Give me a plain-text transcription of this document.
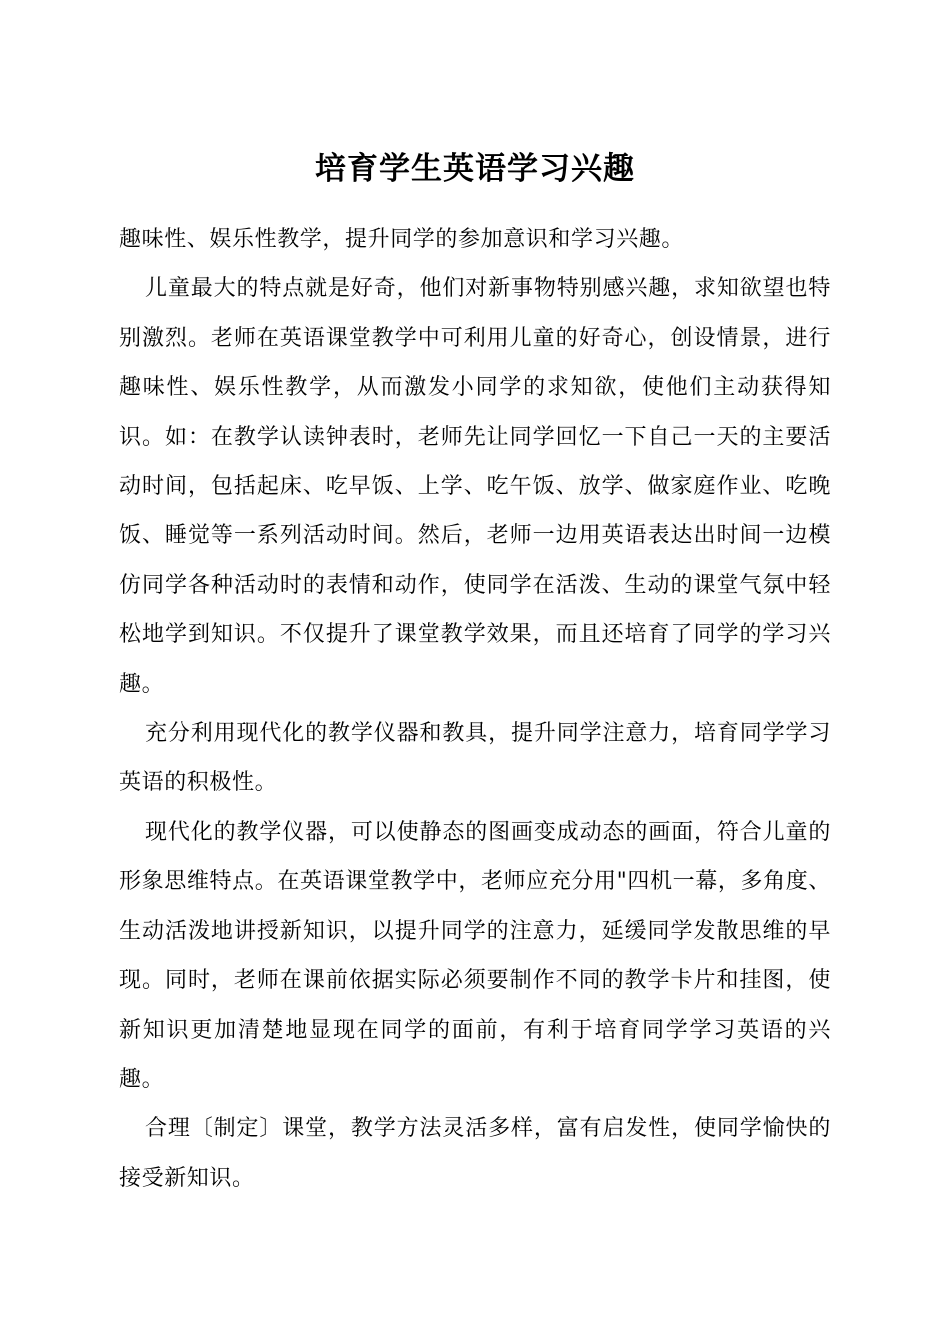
培育学生英语学习兴趣

趣味性、娱乐性教学，提升同学的参加意识和学习兴趣。

儿童最大的特点就是好奇，他们对新事物特别感兴趣，求知欲望也特别激烈。老师在英语课堂教学中可利用儿童的好奇心，创设情景，进行趣味性、娱乐性教学，从而激发小同学的求知欲，使他们主动获得知识。如：在教学认读钟表时，老师先让同学回忆一下自己一天的主要活动时间，包括起床、吃早饭、上学、吃午饭、放学、做家庭作业、吃晚饭、睡觉等一系列活动时间。然后，老师一边用英语表达出时间一边模仿同学各种活动时的表情和动作，使同学在活泼、生动的课堂气氛中轻松地学到知识。不仅提升了课堂教学效果，而且还培育了同学的学习兴趣。

充分利用现代化的教学仪器和教具，提升同学注意力，培育同学学习英语的积极性。

现代化的教学仪器，可以使静态的图画变成动态的画面，符合儿童的形象思维特点。在英语课堂教学中，老师应充分用"四机一幕，多角度、生动活泼地讲授新知识，以提升同学的注意力，延缓同学发散思维的早现。同时，老师在课前依据实际必须要制作不同的教学卡片和挂图，使新知识更加清楚地显现在同学的面前，有利于培育同学学习英语的兴趣。

合理〔制定〕课堂，教学方法灵活多样，富有启发性，使同学愉快的接受新知识。
